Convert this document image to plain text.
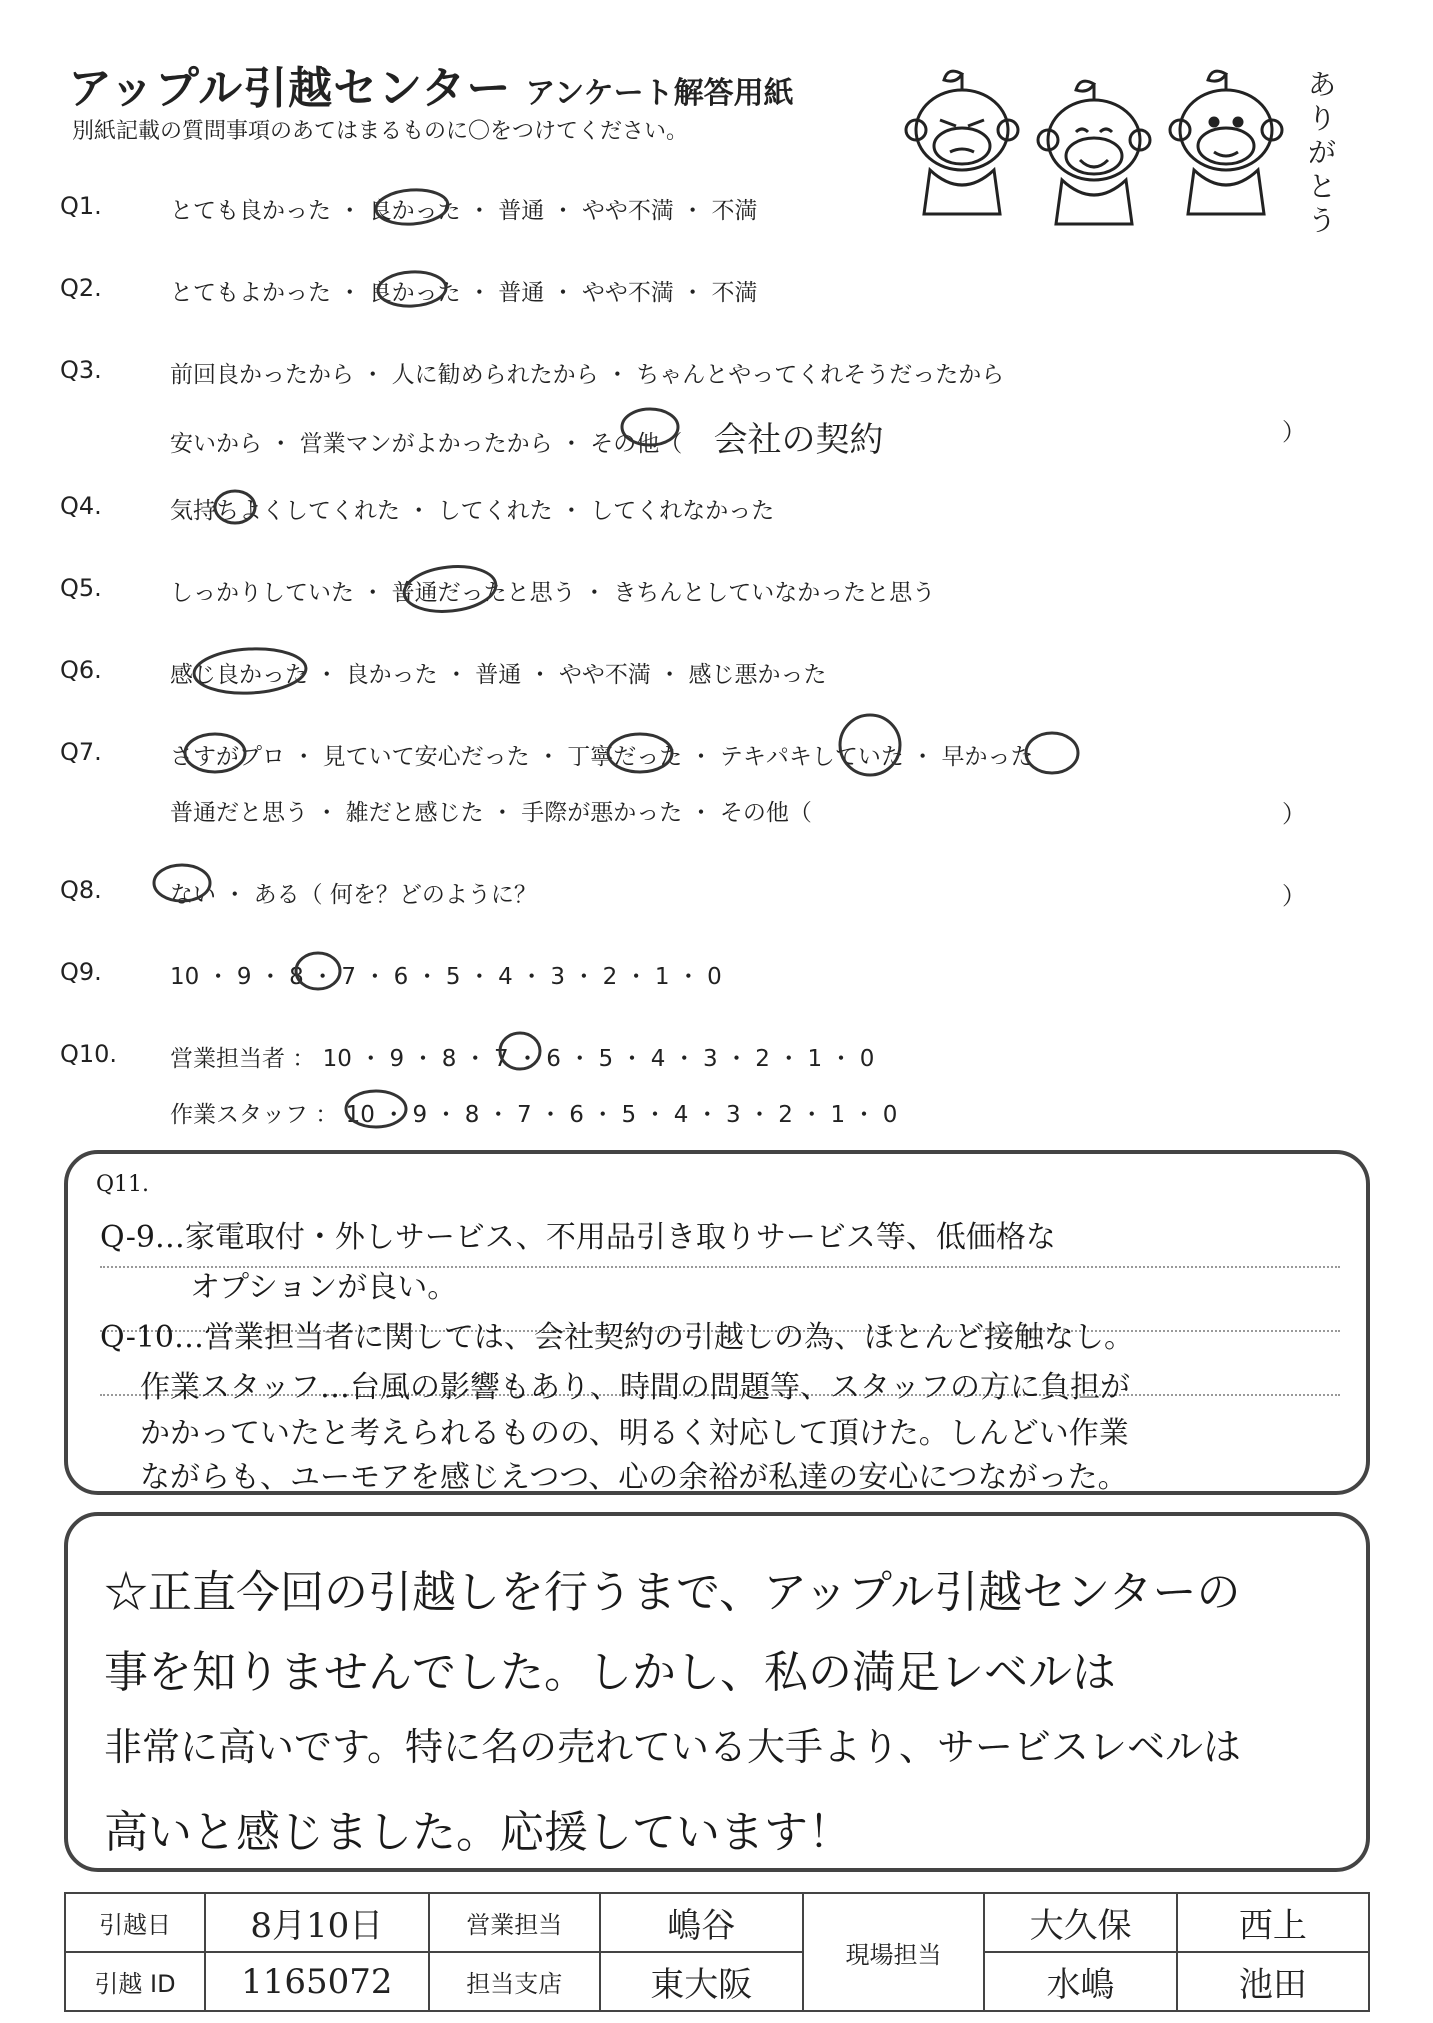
アップル引越センター アンケート解答用紙
別紙記載の質問事項のあてはまるものに〇をつけてください。
ありがとう
Q1.	とても良かった ・ 良かった ・ 普通 ・ やや不満 ・ 不満
Q2.	とてもよかった ・ 良かった ・ 普通 ・ やや不満 ・ 不満
Q3.	前回良かったから ・ 人に勧められたから ・ ちゃんとやってくれそうだったから
安いから ・ 営業マンがよかったから ・ その他（ 会社の契約	）
Q4.	気持ちよくしてくれた ・ してくれた ・ してくれなかった
Q5.	しっかりしていた ・ 普通だったと思う ・ きちんとしていなかったと思う
Q6.	感じ良かった ・ 良かった ・ 普通 ・ やや不満 ・ 感じ悪かった
Q7.	さすがプロ ・ 見ていて安心だった ・ 丁寧だった ・ テキパキしていた ・ 早かった
普通だと思う ・ 雑だと感じた ・ 手際が悪かった ・ その他（	）
Q8.	ない ・ ある（ 何を？どのように？	）
Q9.	10 ・ 9 ・ 8 ・ 7 ・ 6 ・ 5 ・ 4 ・ 3 ・ 2 ・ 1 ・ 0
Q10. 営業担当者 ： 10 ・ 9 ・ 8 ・ 7 ・ 6 ・ 5 ・ 4 ・ 3 ・ 2 ・ 1 ・ 0
作業スタッフ ： 10 ・ 9 ・ 8 ・ 7 ・ 6 ・ 5 ・ 4 ・ 3 ・ 2 ・ 1 ・ 0
Q11.
Q-9…家電取付・外しサービス、不用品引き取りサービス等、低価格な
オプションが良い。
Q-10…営業担当者に関しては、会社契約の引越しの為、ほとんど接触なし。
作業スタッフ…台風の影響もあり、時間の問題等、スタッフの方に負担が
かかっていたと考えられるものの、明るく対応して頂けた。しんどい作業
ながらも、ユーモアを感じえつつ、心の余裕が私達の安心につながった。
☆正直今回の引越しを行うまで、アップル引越センターの
事を知りませんでした。しかし、私の満足レベルは
非常に高いです。特に名の売れている大手より、サービスレベルは
高いと感じました。応援しています！
引越日	8月10日	営業担当	嶋谷	現場担当	大久保	西上
引越 ID	1165072	担当支店	東大阪		水嶋	池田
